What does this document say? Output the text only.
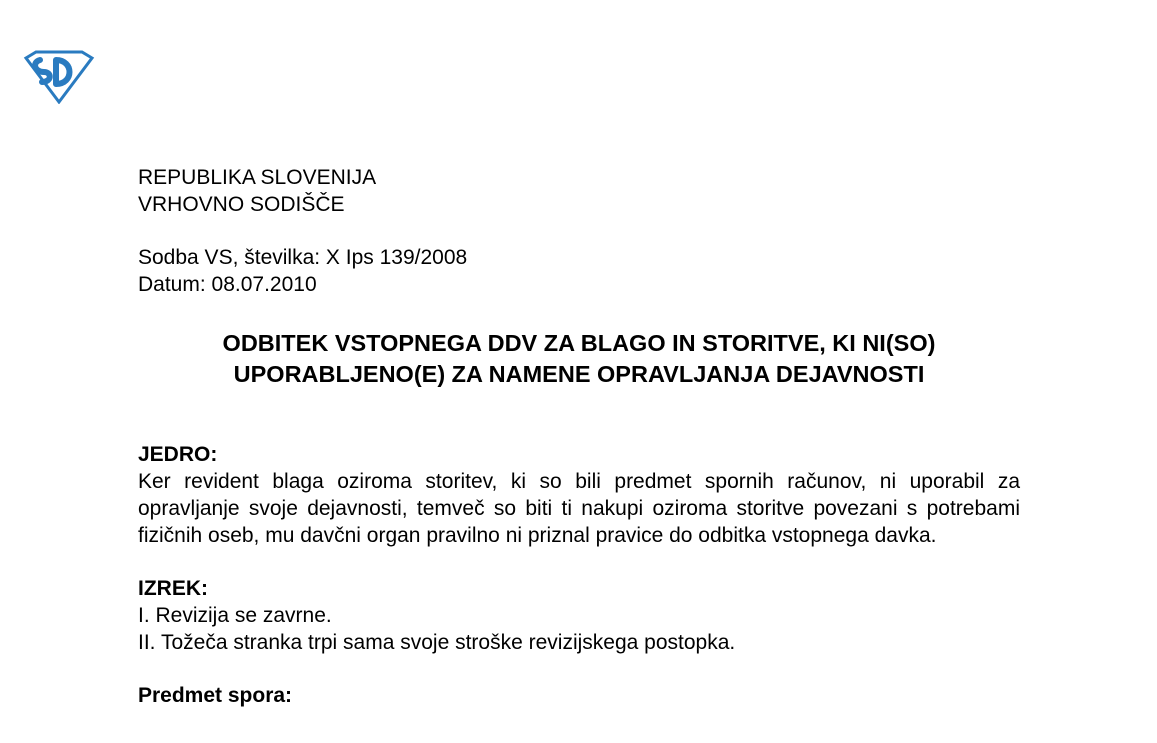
REPUBLIKA SLOVENIJA
VRHOVNO SODIŠČE
Sodba VS, številka: X Ips 139/2008
Datum: 08.07.2010
ODBITEK VSTOPNEGA DDV ZA BLAGO IN STORITVE, KI NI(SO)
UPORABLJENO(E) ZA NAMENE OPRAVLJANJA DEJAVNOSTI
JEDRO:
Ker revident blaga oziroma storitev, ki so bili predmet spornih računov, ni uporabil za opravljanje svoje dejavnosti, temveč so biti ti nakupi oziroma storitve povezani s potrebami fizičnih oseb, mu davčni organ pravilno ni priznal pravice do odbitka vstopnega davka.
IZREK:
I. Revizija se zavrne.
II. Tožeča stranka trpi sama svoje stroške revizijskega postopka.
Predmet spora:
